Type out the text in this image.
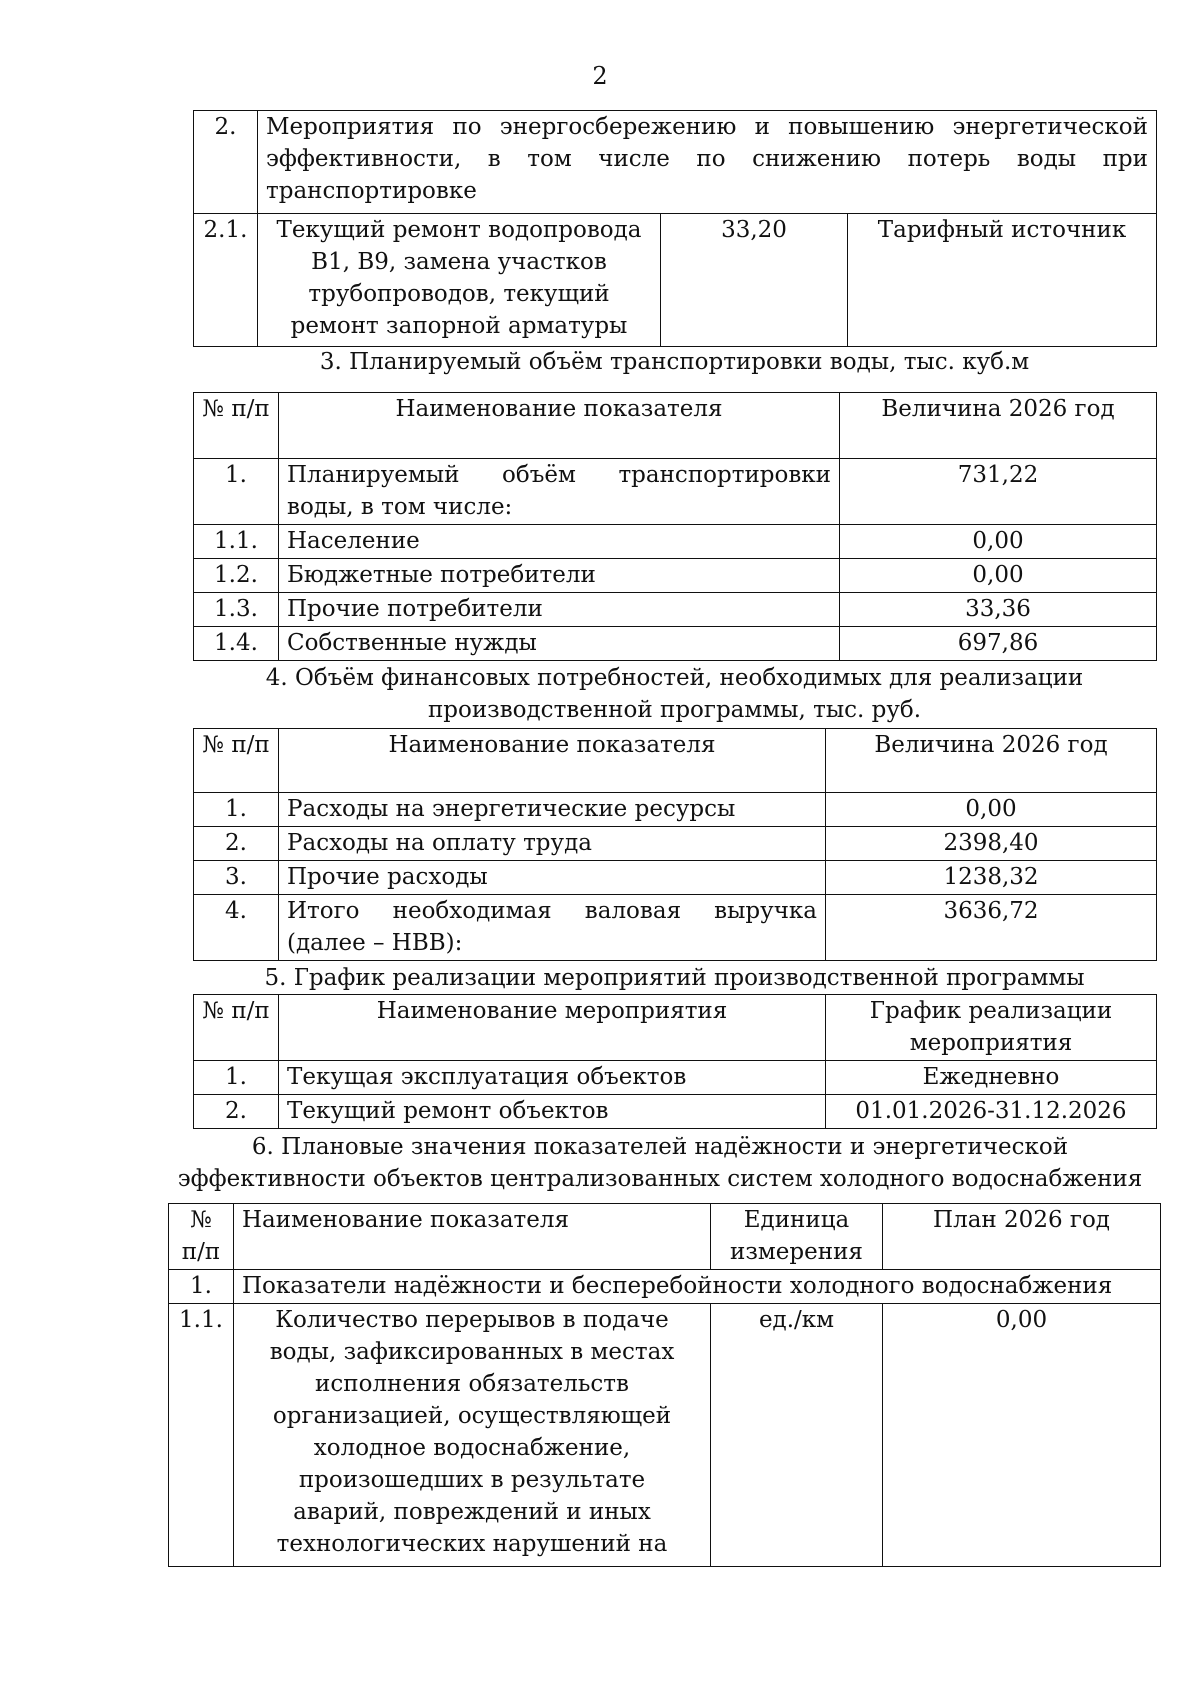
2
2.	Мероприятия по энергосбережению и повышению энергетической эффективности, в том числе по снижению потерь воды при транспортировке		
2.1.	Текущий ремонт водопровода В1, В9, замена участков трубопроводов, текущий ремонт запорной арматуры	33,20	Тарифный источник
3. Планируемый объём транспортировки воды, тыс. куб.м
№ п/п	Наименование показателя	Величина 2026 год
1.	Планируемый объём транспортировки воды, в том числе:	731,22
1.1.	Население	0,00
1.2.	Бюджетные потребители	0,00
1.3.	Прочие потребители	33,36
1.4.	Собственные нужды	697,86
4. Объём финансовых потребностей, необходимых для реализации
производственной программы, тыс. руб.
№ п/п	Наименование показателя	Величина 2026 год
1.	Расходы на энергетические ресурсы	0,00
2.	Расходы на оплату труда	2398,40
3.	Прочие расходы	1238,32
4.	Итого необходимая валовая выручка (далее – НВВ):	3636,72
5. График реализации мероприятий производственной программы
№ п/п	Наименование мероприятия	График реализации мероприятия
1.	Текущая эксплуатация объектов	Ежедневно
2.	Текущий ремонт объектов	01.01.2026-31.12.2026
6. Плановые значения показателей надёжности и энергетической
эффективности объектов централизованных систем холодного водоснабжения
№ п/п	Наименование показателя	Единица измерения	План 2026 год
1.	Показатели надёжности и бесперебойности холодного водоснабжения		
1.1.	Количество перерывов в подаче воды, зафиксированных в местах исполнения обязательств организацией, осуществляющей холодное водоснабжение, произошедших в результате аварий, повреждений и иных технологических нарушений на	ед./км	0,00
